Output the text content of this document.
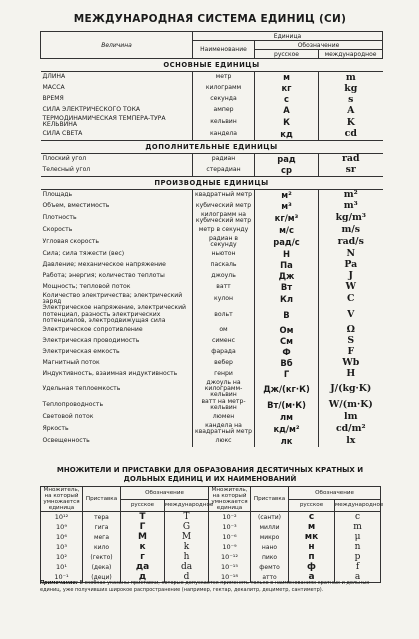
МЕЖДУНАРОДНАЯ СИСТЕМА ЕДИНИЦ (СИ)
Величина	Единица		
	Наименование	Обозначение	
		русское	международное
ОСНОВНЫЕ ЕДИНИЦЫ			
ДЛИНА	метр	м	m
МАССА	килограмм	кг	kg
ВРЕМЯ	секунда	с	s
СИЛА ЭЛЕКТРИЧЕСКОГО ТОКА	ампер	А	A
ТЕРМОДИНАМИЧЕСКАЯ ТЕМПЕРА-ТУРА КЕЛЬВИНА	кельвин	К	K
СИЛА СВЕТА	кандела	кд	cd
ДОПОЛНИТЕЛЬНЫЕ ЕДИНИЦЫ			
Плоский угол	радиан	рад	rad
Телесный угол	стерадиан	ср	sr
ПРОИЗВОДНЫЕ ЕДИНИЦЫ			
Площадь	квадратный метр	м²	m²
Объем, вместимость	кубический метр	м³	m³
Плотность	килограмм на кубический метр	кг/м³	kg/m³
Скорость	метр в секунду	м/с	m/s
Угловая скорость	радиан в секунду	рад/с	rad/s
Сила; сила тяжести (вес)	ньютон	Н	N
Давление; механическое напряжение	паскаль	Па	Pa
Работа; энергия; количество теплоты	джоуль	Дж	J
Мощность; тепловой поток	ватт	Вт	W
Количество электричества; электрический заряд	кулон	Кл	C
Электрическое напряжение, электрический потенциал, разность электрических потенциалов, электродвижущая сила	вольт	В	V
Электрическое сопротивление	ом	Ом	Ω
Электрическая проводимость	сименс	См	S
Электрическая емкость	фарада	Ф	F
Магнитный поток	вебер	Вб	Wb
Индуктивность, взаимная индуктивность	генри	Г	H
Удельная теплоемкость	джоуль на килограмм-кельвин	Дж/(кг·К)	J/(kg·K)
Теплопроводность	ватт на метр-кельвин	Вт/(м·К)	W/(m·K)
Световой поток	люмен	лм	lm
Яркость	кандела на квадратный метр	кд/м²	cd/m²
Освещенность	люкс	лк	lx
МНОЖИТЕЛИ И ПРИСТАВКИ ДЛЯ ОБРАЗОВАНИЯ ДЕСЯТИЧНЫХ КРАТНЫХ И ДОЛЬНЫХ ЕДИНИЦ И ИХ НАИМЕНОВАНИЙ
Множитель, на который умножается единица	Приставка	Обозначение		Множитель, на который умножается единица	Приставка	Обозначение	
		русское	международное			русское	международное
10¹²	тера	Т	T	10⁻²	(санти)	с	c
10⁹	гига	Г	G	10⁻³	милли	м	m
10⁶	мега	М	M	10⁻⁶	микро	мк	μ
10³	кило	к	k	10⁻⁹	нано	н	n
10²	(гекто)	г	h	10⁻¹²	пико	п	p
10¹	(дека)	да	da	10⁻¹⁵	фемто	ф	f
10⁻¹	(деци)	д	d	10⁻¹⁸	атто	а	a
Примечание: В скобках указаны приставки, которые допускается применять только в наименованиях кратных и дольных единиц, уже получивших широкое распространение (например, гектар, декалитр, дециметр, сантиметр).
